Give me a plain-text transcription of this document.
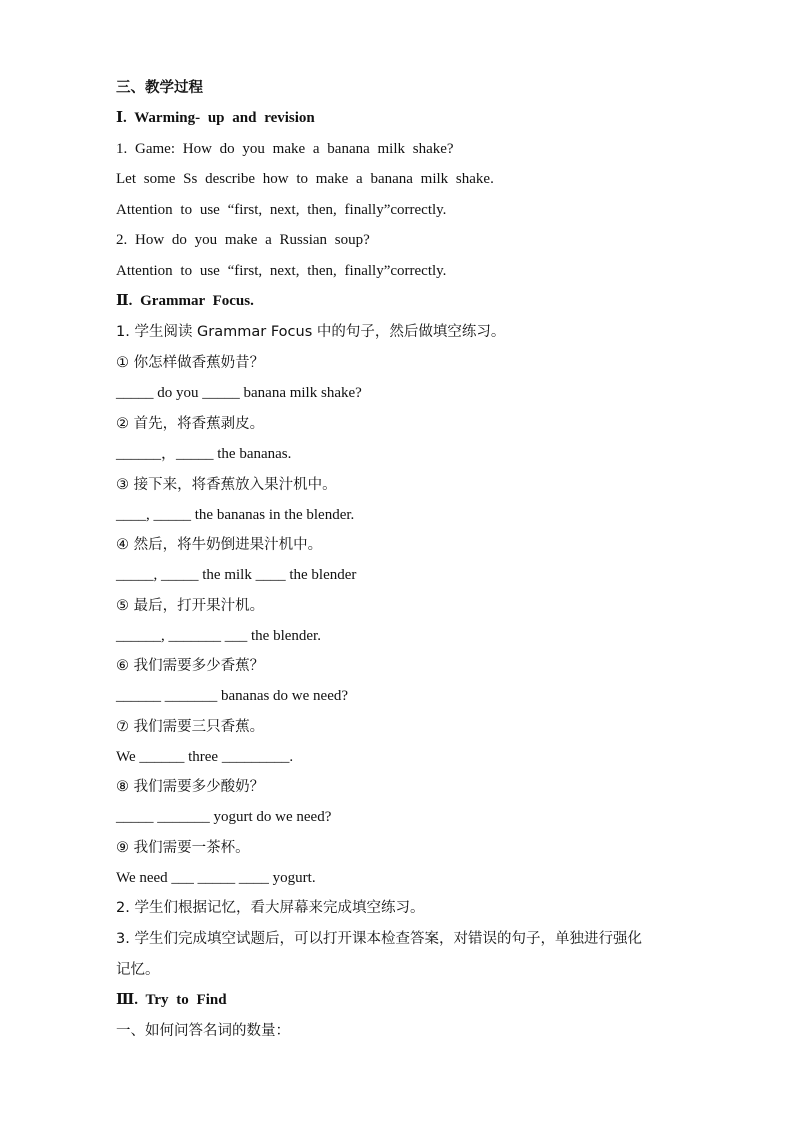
三、教学过程
Ⅰ. Warming- up and revision
1. Game: How do you make a banana milk shake?
Let some Ss describe how to make a banana milk shake.
Attention to use “first, next, then, finally”correctly.
2. How do you make a Russian soup?
Attention to use “first, next, then, finally”correctly.
Ⅱ. Grammar Focus.
1. 学生阅读 Grammar Focus 中的句子，然后做填空练习。
① 你怎样做香蕉奶昔？
_____ do you _____ banana milk shake?
② 首先，将香蕉剥皮。
______，_____ the bananas.
③ 接下来，将香蕉放入果汁机中。
____, _____ the bananas in the blender.
④ 然后，将牛奶倒进果汁机中。
_____, _____ the milk ____ the blender
⑤ 最后，打开果汁机。
______, _______ ___ the blender.
⑥ 我们需要多少香蕉？
______ _______ bananas do we need?
⑦ 我们需要三只香蕉。
We ______ three _________.
⑧ 我们需要多少酸奶？
_____ _______ yogurt do we need?
⑨ 我们需要一茶杯。
We need ___ _____ ____ yogurt.
2. 学生们根据记忆，看大屏幕来完成填空练习。
3. 学生们完成填空试题后，可以打开课本检查答案，对错误的句子，单独进行强化
记忆。
Ⅲ. Try to Find
一、如何问答名词的数量：
